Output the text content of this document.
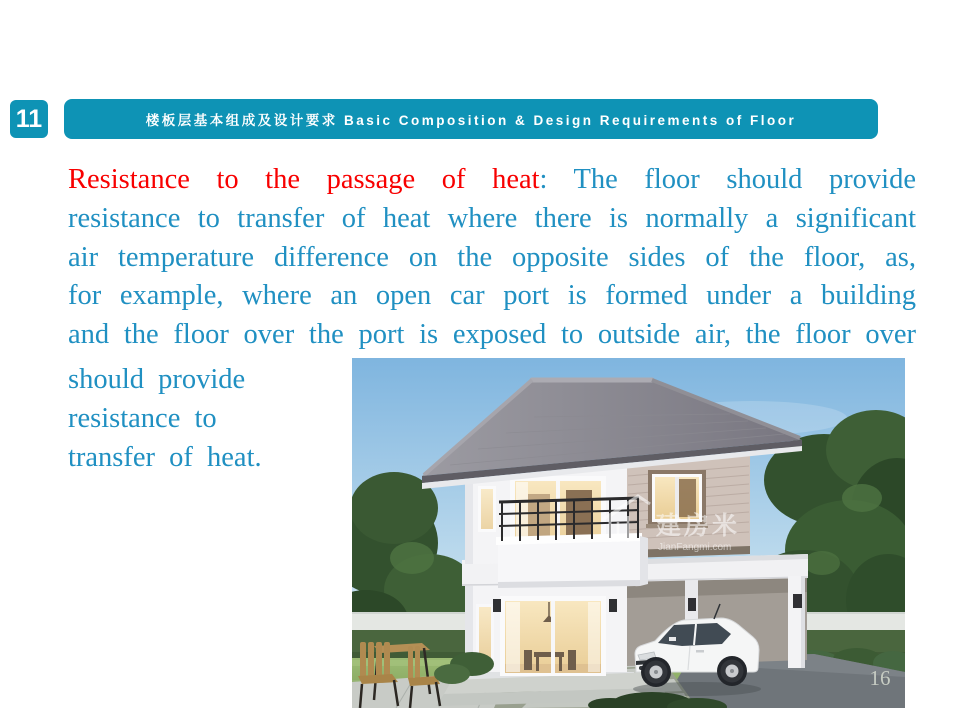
11	楼板层基本组成及设计要求 Basic Composition & Design Requirements of Floor
Resistance to the passage of heat: The floor should provide
resistance to transfer of heat where there is normally a significant
air temperature difference on the opposite sides of the floor, as,
for example, where an open car port is formed under a building
and the floor over the port is exposed to outside air, the floor over
should provide
resistance to
transfer of heat.
建房米
JianFangmi.com
16
